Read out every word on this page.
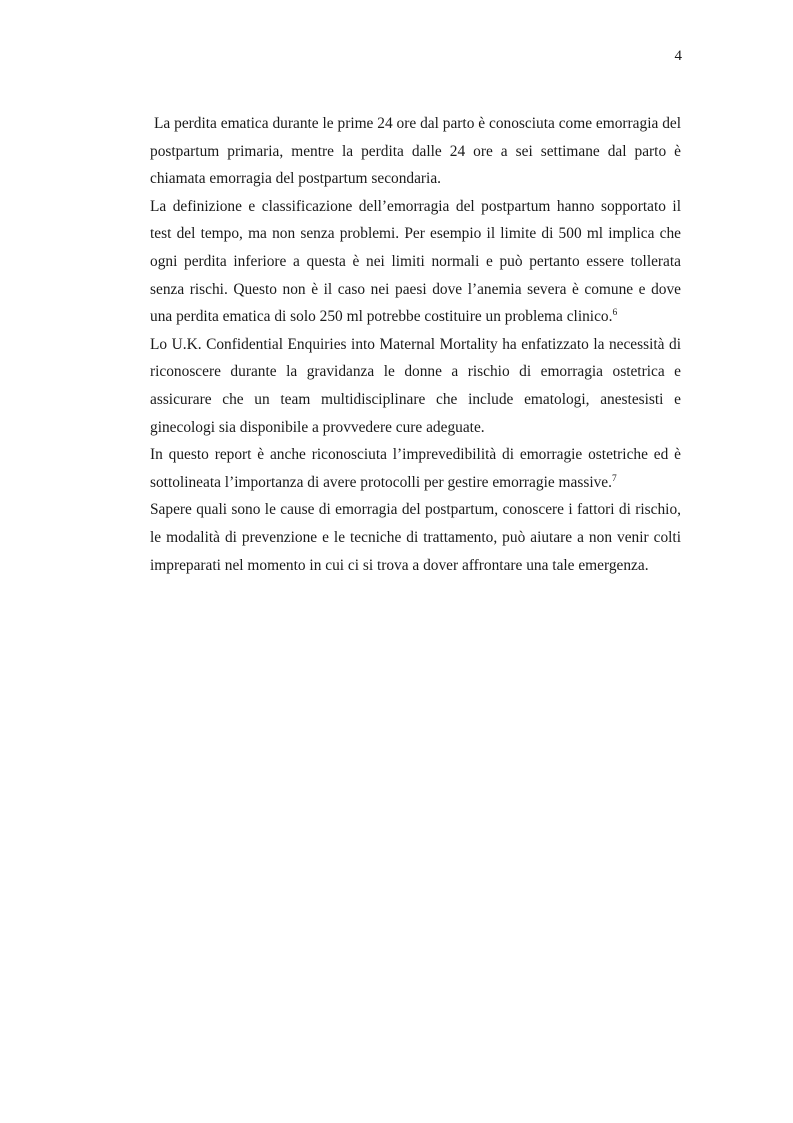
4

La perdita ematica durante le prime 24 ore dal parto è conosciuta come emorragia del postpartum primaria, mentre la perdita dalle 24 ore a sei settimane dal parto è chiamata emorragia del postpartum secondaria.

La definizione e classificazione dell’emorragia del postpartum hanno sopportato il test del tempo, ma non senza problemi. Per esempio il limite di 500 ml implica che ogni perdita inferiore a questa è nei limiti normali e può pertanto essere tollerata senza rischi. Questo non è il caso nei paesi dove l’anemia severa è comune e dove una perdita ematica di solo 250 ml potrebbe costituire un problema clinico.$^6$

Lo U.K. Confidential Enquiries into Maternal Mortality ha enfatizzato la necessità di riconoscere durante la gravidanza le donne a rischio di emorragia ostetrica e assicurare che un team multidisciplinare che include ematologi, anestesisti e ginecologi sia disponibile a provvedere cure adeguate.

In questo report è anche riconosciuta l’imprevedibilità di emorragie ostetriche ed è sottolineata l’importanza di avere protocolli per gestire emorragie massive.$^7$

Sapere quali sono le cause di emorragia del postpartum, conoscere i fattori di rischio, le modalità di prevenzione e le tecniche di trattamento, può aiutare a non venir colti impreparati nel momento in cui ci si trova a dover affrontare una tale emergenza.
